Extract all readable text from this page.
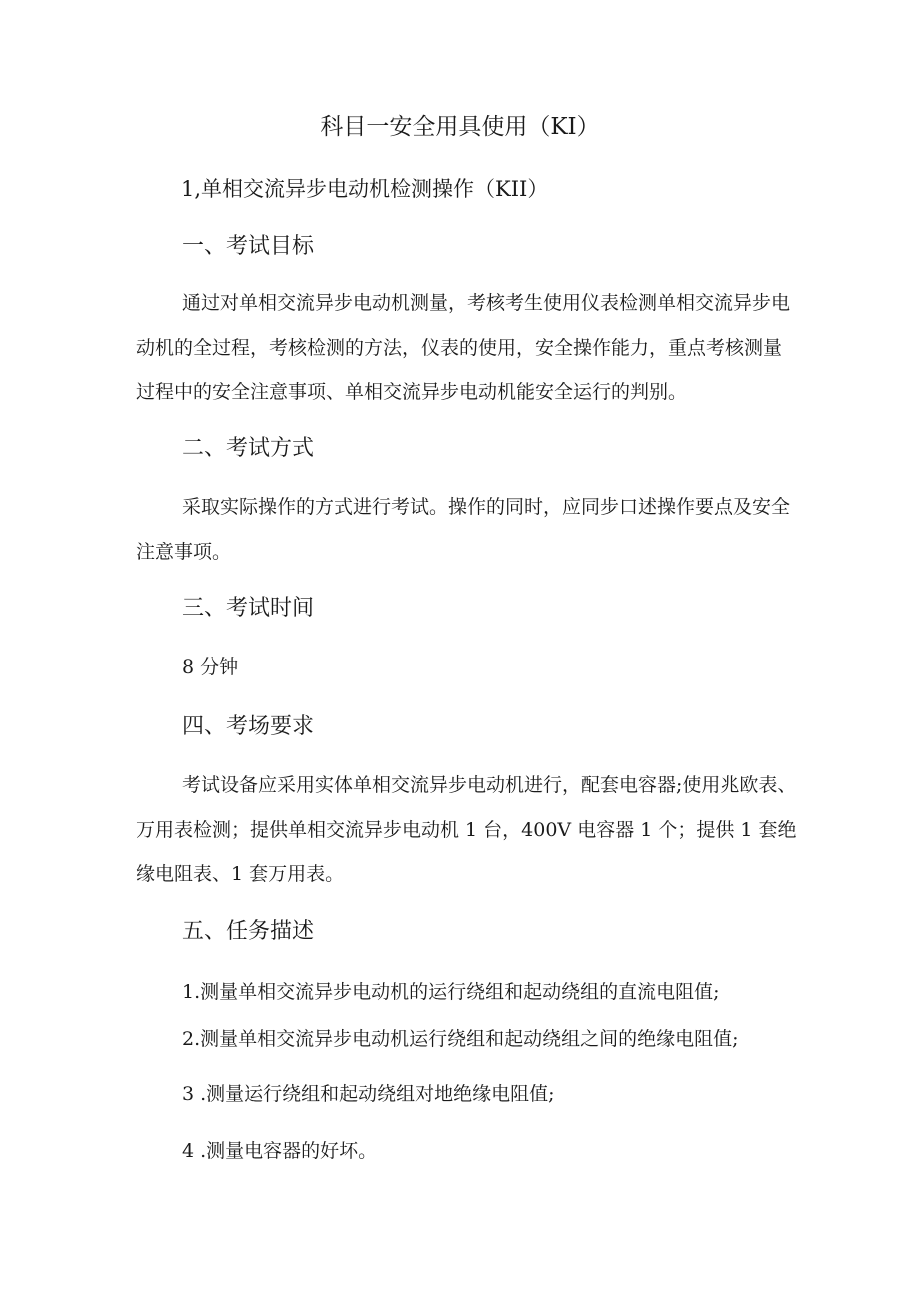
科目一安全用具使用（KI）
1,单相交流异步电动机检测操作（KII）
一、考试目标
通过对单相交流异步电动机测量，考核考生使用仪表检测单相交流异步电
动机的全过程，考核检测的方法，仪表的使用，安全操作能力，重点考核测量
过程中的安全注意事项、单相交流异步电动机能安全运行的判别。
二、考试方式
采取实际操作的方式进行考试。操作的同时，应同步口述操作要点及安全
注意事项。
三、考试时间
8 分钟
四、考场要求
考试设备应采用实体单相交流异步电动机进行，配套电容器;使用兆欧表、
万用表检测；提供单相交流异步电动机 1 台，400V 电容器 1 个；提供 1 套绝
缘电阻表、1 套万用表。
五、任务描述
1.测量单相交流异步电动机的运行绕组和起动绕组的直流电阻值;
2.测量单相交流异步电动机运行绕组和起动绕组之间的绝缘电阻值;
3 .测量运行绕组和起动绕组对地绝缘电阻值;
4 .测量电容器的好坏。
